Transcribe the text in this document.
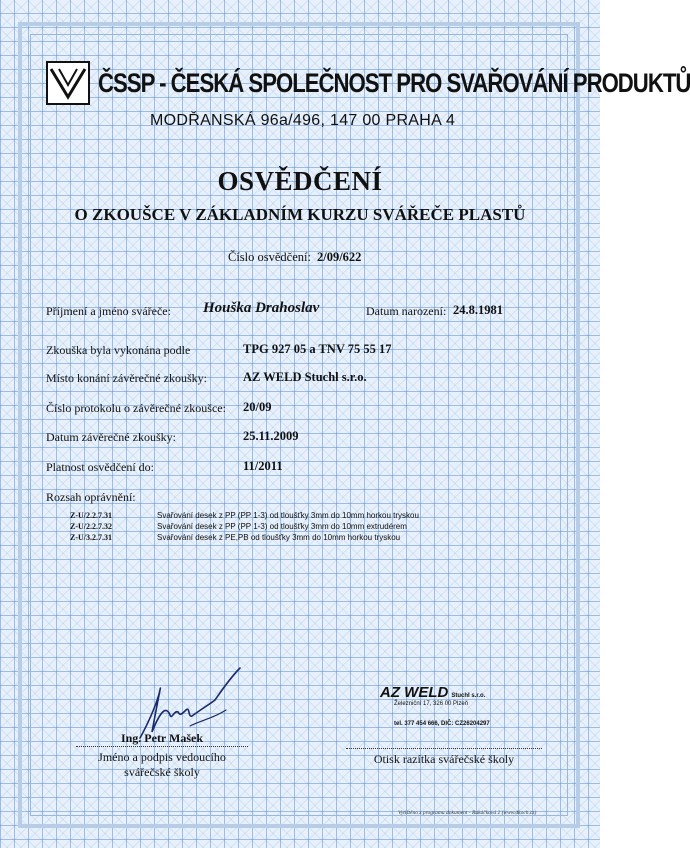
ČSSP - ČESKÁ SPOLEČNOST PRO SVAŘOVÁNÍ PRODUKTŮ
MODŘANSKÁ 96a/496, 147 00 PRAHA 4
OSVĚDČENÍ
O ZKOUŠCE V ZÁKLADNÍM KURZU SVÁŘEČE PLASTŮ
Číslo osvědčení: 2/09/622
Příjmení a jméno svářeče: Houška Drahoslav	Datum narození: 24.8.1981
Zkouška byla vykonána podle	TPG 927 05 a TNV 75 55 17
Místo konání závěrečné zkoušky:	AZ WELD Stuchl s.r.o.
Číslo protokolu o závěrečné zkoušce: 20/09
Datum závěrečné zkoušky:	25.11.2009
Platnost osvědčení do:	11/2011
Rozsah oprávnění:
Z-U/2.2.7.31	Svařování desek z PP (PP 1-3) od tloušťky 3mm do 10mm horkou tryskou
Z-U/2.2.7.32	Svařování desek z PP (PP 1-3) od tloušťky 3mm do 10mm extrudérem
Z-U/3.2.7.31	Svařování desek z PE,PB od tloušťky 3mm do 10mm horkou tryskou
Ing. Petr Mašek
Jméno a podpis vedoucího
svářečské školy
AZ WELD Stuchl s.r.o.
Železniční 17, 326 00 Plzeň
tel. 377 454 666, DIČ: CZ26204297
Otisk razítka svářečské školy
Vytištěno z programu dokument - Rukáčková 2 (www.dkoch.cz)
